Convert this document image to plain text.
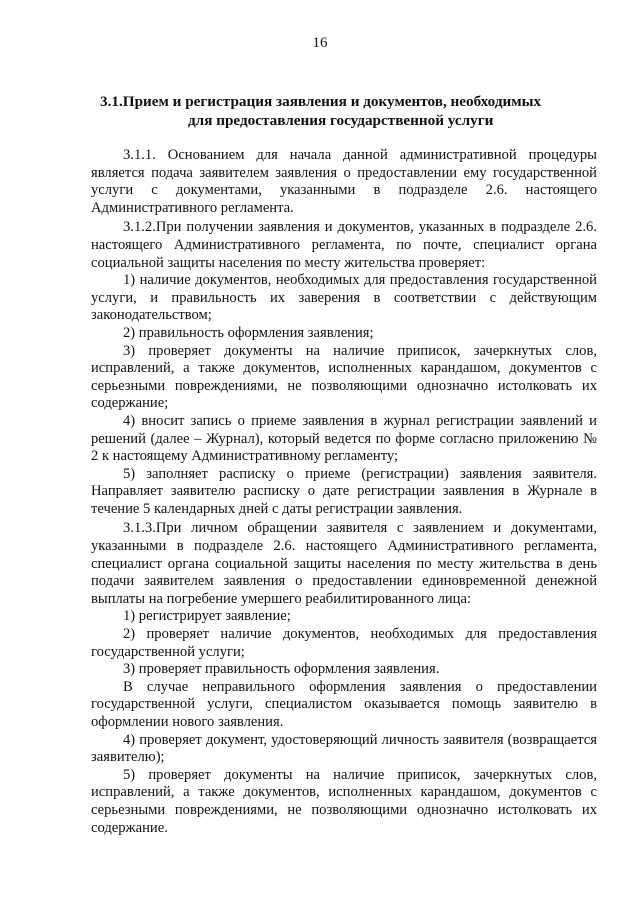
16
3.1.Прием и регистрация заявления и документов, необходимых
для предоставления государственной услуги

3.1.1. Основанием для начала данной административной процедуры является подача заявителем заявления о предоставлении ему государственной услуги с документами, указанными в подразделе 2.6. настоящего Административного регламента.

3.1.2.При получении заявления и документов, указанных в подразделе 2.6. настоящего Административного регламента, по почте, специалист органа социальной защиты населения по месту жительства проверяет:

1) наличие документов, необходимых для предоставления государственной услуги, и правильность их заверения в соответствии с действующим законодательством;

2) правильность оформления заявления;

3) проверяет документы на наличие приписок, зачеркнутых слов, исправлений, а также документов, исполненных карандашом, документов с серьезными повреждениями, не позволяющими однозначно истолковать их содержание;

4) вносит запись о приеме заявления в журнал регистрации заявлений и решений (далее – Журнал), который ведется по форме согласно приложению № 2 к настоящему Административному регламенту;

5) заполняет расписку о приеме (регистрации) заявления заявителя. Направляет заявителю расписку о дате регистрации заявления в Журнале в течение 5 календарных дней с даты регистрации заявления.

3.1.3.При личном обращении заявителя с заявлением и документами, указанными в подразделе 2.6. настоящего Административного регламента, специалист органа социальной защиты населения по месту жительства в день подачи заявителем заявления о предоставлении единовременной денежной выплаты на погребение умершего реабилитированного лица:

1) регистрирует заявление;

2) проверяет наличие документов, необходимых для предоставления государственной услуги;

3) проверяет правильность оформления заявления.

В случае неправильного оформления заявления о предоставлении государственной услуги, специалистом оказывается помощь заявителю в оформлении нового заявления.

4) проверяет документ, удостоверяющий личность заявителя (возвращается заявителю);

5) проверяет документы на наличие приписок, зачеркнутых слов, исправлений, а также документов, исполненных карандашом, документов с серьезными повреждениями, не позволяющими однозначно истолковать их содержание.
